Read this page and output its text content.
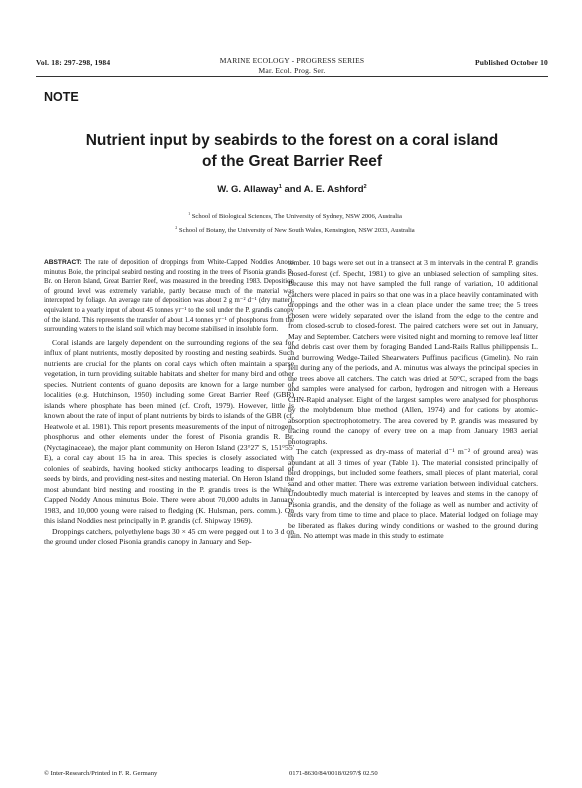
Vol. 18: 297-298, 1984	MARINE ECOLOGY - PROGRESS SERIES
Mar. Ecol. Prog. Ser.
Published October 10
NOTE
Nutrient input by seabirds to the forest on a coral island
of the Great Barrier Reef
W. G. Allaway$^1$ and A. E. Ashford$^2$
$^1$ School of Biological Sciences, The University of Sydney, NSW 2006, Australia
$^2$ School of Botany, the University of New South Wales, Kensington, NSW 2033, Australia
ABSTRACT: The rate of deposition of droppings from White-Capped Noddies Anous minutus Boie, the principal seabird nesting and roosting in the trees of Pisonia grandis R. Br. on Heron Island, Great Barrier Reef, was measured in the breeding 1983. Deposition of ground level was extremely variable, partly because much of the material was intercepted by foliage. An average rate of deposition was about 2 g m⁻² d⁻¹ (dry matter), equivalent to a yearly input of about 45 tonnes yr⁻¹ to the soil under the P. grandis canopy of the island. This represents the transfer of about 1.4 tonnes yr⁻¹ of phosphorus from the surrounding waters to the island soil which may become stabilised in insoluble form.

Coral islands are largely dependent on the surrounding regions of the sea for influx of plant nutrients, mostly deposited by roosting and nesting seabirds. Such nutrients are crucial for the plants on coral cays which often maintain a sparse vegetation, in turn providing suitable habitats and shelter for many bird and other species. Nutrient contents of guano deposits are known for a large number of localities (e.g. Hutchinson, 1950) including some Great Barrier Reef (GBR) islands where phosphate has been mined (cf. Croft, 1979). However, little is known about the rate of input of plant nutrients by birds to islands of the GBR (cf. Heatwole et al. 1981). This report presents measurements of the input of nitrogen, phosphorus and other elements under the forest of Pisonia grandis R. Br. (Nyctaginaceae), the major plant community on Heron Island (23°27' S, 151°55' E), a coral cay about 15 ha in area. This species is closely associated with colonies of seabirds, having hooked sticky anthocarps leading to dispersal of seeds by birds, and providing nest-sites and nesting material. On Heron Island the most abundant bird nesting and roosting in the P. grandis trees is the White-Capped Noddy Anous minutus Boie. There were about 70,000 adults in January 1983, and 10,000 young were raised to fledging (K. Hulsman, pers. comm.). On this island Noddies nest principally in P. grandis (cf. Shipway 1969).

Droppings catchers, polyethylene bags 30 × 45 cm were pegged out 1 to 3 d on the ground under closed Pisonia grandis canopy in January and Sep-

tember. 10 bags were set out in a transect at 3 m intervals in the central P. grandis closed-forest (cf. Specht, 1981) to give an unbiased selection of sampling sites. Because this may not have sampled the full range of variation, 10 additional catchers were placed in pairs so that one was in a place heavily contaminated with droppings and the other was in a clean place under the same tree; the 5 trees chosen were widely separated over the island from the edge to the centre and from closed-scrub to closed-forest. The paired catchers were set out in January, May and September. Catchers were visited night and morning to remove leaf litter and debris cast over them by foraging Banded Land-Rails Rallus philippensis L. and burrowing Wedge-Tailed Shearwaters Puffinus pacificus (Gmelin). No rain fell during any of the periods, and A. minutus was always the principal species in the trees above all catchers. The catch was dried at 50°C, scraped from the bags and samples were analysed for carbon, hydrogen and nitrogen with a Hereaus CHN-Rapid analyser. Eight of the largest samples were analysed for phosphorus by the molybdenum blue method (Allen, 1974) and for cations by atomic-absorption spectrophotometry. The area covered by P. grandis was measured by tracing round the canopy of every tree on a map from January 1983 aerial photographs.

The catch (expressed as dry-mass of material d⁻¹ m⁻² of ground area) was abundant at all 3 times of year (Table 1). The material consisted principally of bird droppings, but included some feathers, small pieces of plant material, coral sand and other matter. There was extreme variation between individual catchers. Undoubtedly much material is intercepted by leaves and stems in the canopy of Pisonia grandis, and the density of the foliage as well as number and activity of birds vary from time to time and place to place. Material lodged on foliage may be liberated as flakes during windy conditions or washed to the ground during rain. No attempt was made in this study to estimate

© Inter-Research/Printed in F. R. Germany	0171-8630/84/0018/0297/$ 02.50
